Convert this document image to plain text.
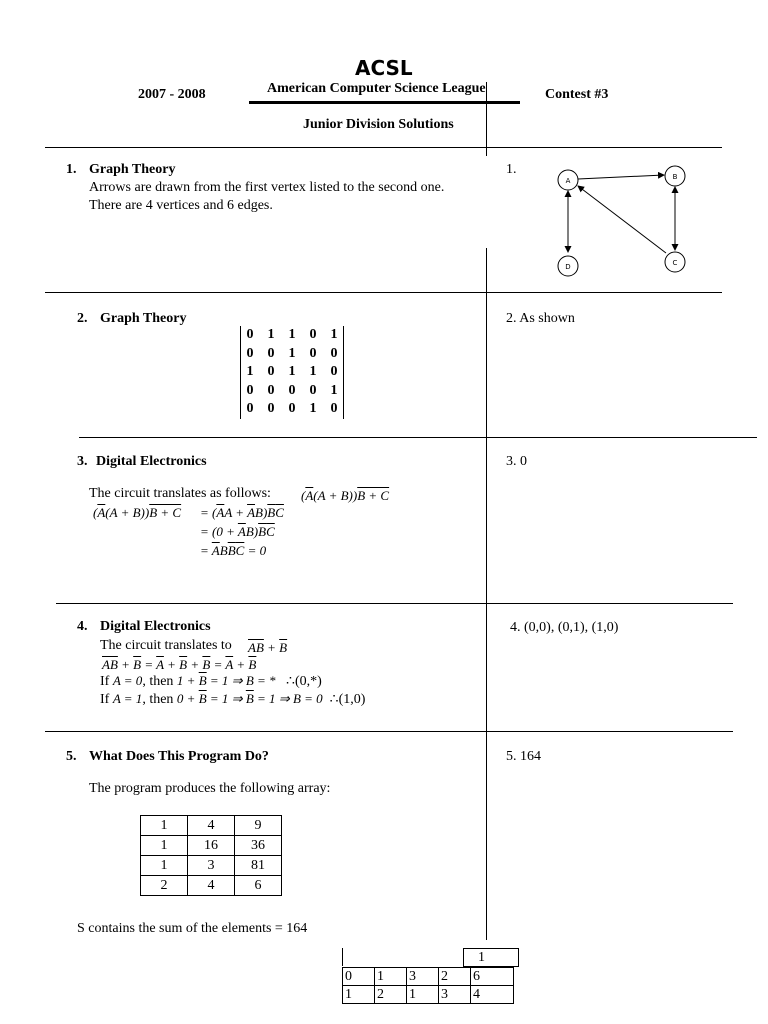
ACSL
2007 - 2008	American Computer Science League	Contest #3
Junior Division Solutions
1. Graph Theory
Arrows are drawn from the first vertex listed to the second one.
There are 4 vertices and 6 edges.
1.
A	B
C
D
2. Graph Theory
0 1 1 0 1
0 0 1 0 0
1 0 1 1 0
0 0 0 0 1
0 0 0 1 0
2. As shown
3. Digital Electronics
The circuit translates as follows: $(\overline{A}(A + B))B + C$
$(\overline{A}(A + B))B + C = (\overline{A}A + \overline{A}B)\overline{B}\overline{C}$
= $(0 + \overline{A}B)\overline{B}\overline{C}$
= $\overline{A}B\overline{B}\overline{C} = 0$
3. 0
4. Digital Electronics
The circuit translates to $\overline{AB} + \overline{B}$
$\overline{AB} + \overline{B} = \overline{A} + \overline{B} + \overline{B} = \overline{A} + \overline{B}$
If A = 0, then $1 + \overline{B} = 1$ ⇒ B = * ∴(0,*)
If A = 1, then $0 + \overline{B} = 1$ ⇒ $\overline{B} = 1$ ⇒ B = 0 ∴(1,0)
4. (0,0), (0,1), (1,0)
5. What Does This Program Do?
The program produces the following array:
1	4	9
1	16	36
1	3	81
2	4	6
S contains the sum of the elements = 164
5. 164
1
0	1	3	2	6
1	2	1	3	4
